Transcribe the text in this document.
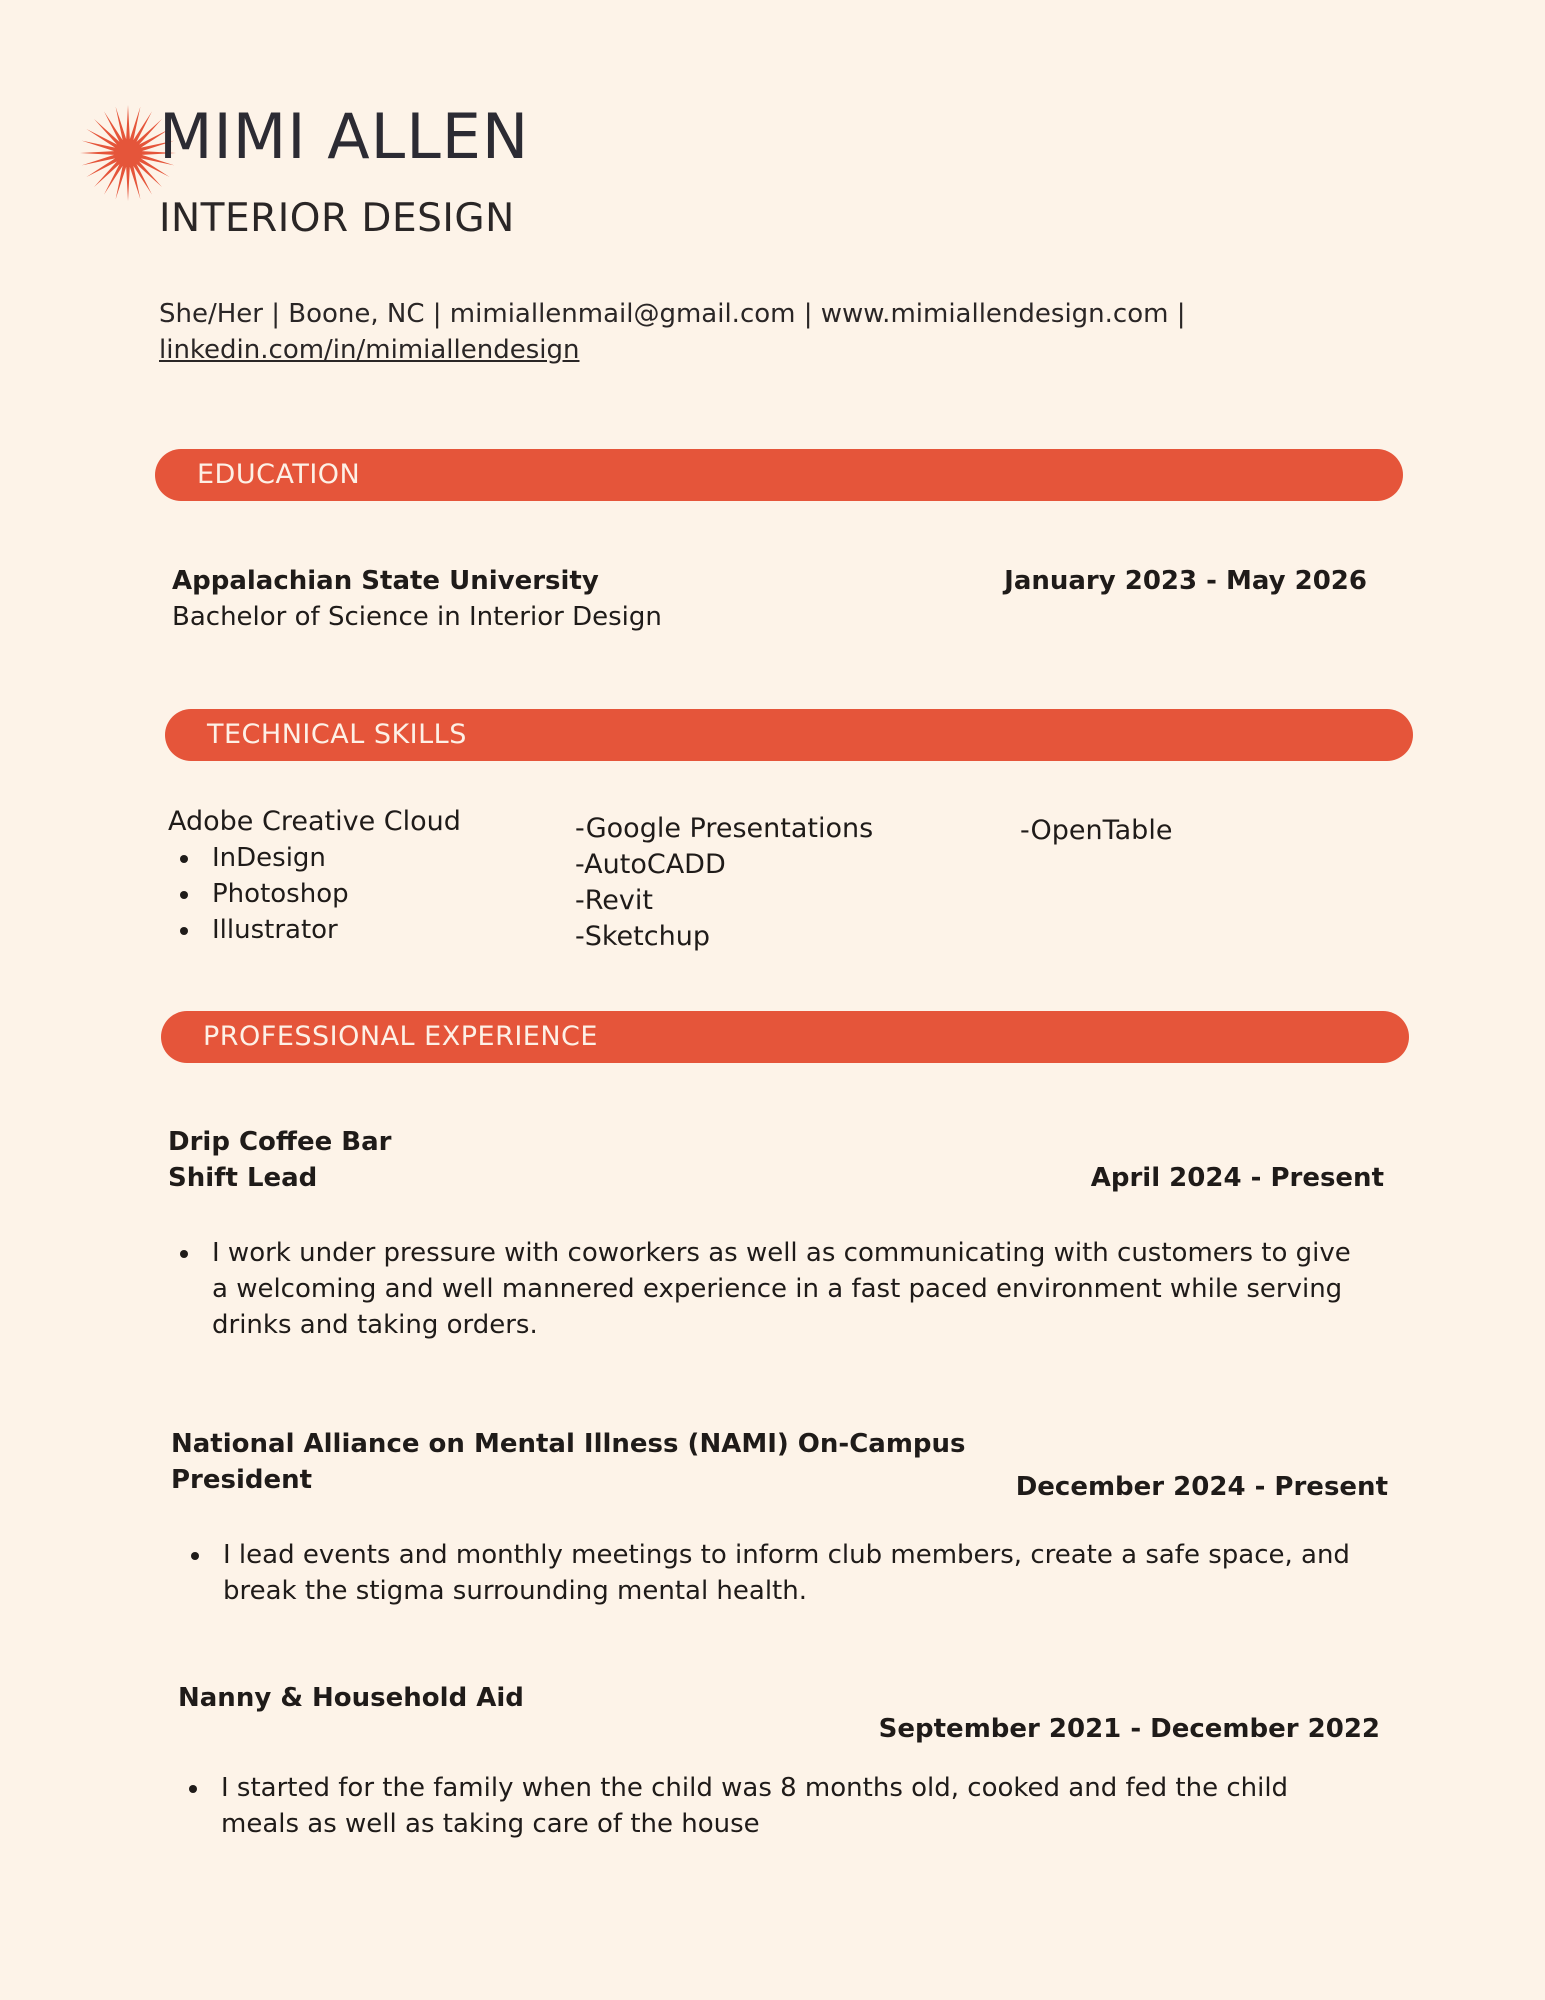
MIMI ALLEN
INTERIOR DESIGN
She/Her | Boone, NC | mimiallenmail@gmail.com | www.mimiallendesign.com |
linkedin.com/in/mimiallendesign
EDUCATION
Appalachian State University	January 2023 - May 2026
Bachelor of Science in Interior Design
TECHNICAL SKILLS
Adobe Creative Cloud
InDesign
Photoshop
Illustrator
-Google Presentations
-AutoCADD
-Revit
-Sketchup
-OpenTable
PROFESSIONAL EXPERIENCE
Drip Coffee Bar
Shift Lead	April 2024 - Present
I work under pressure with coworkers as well as communicating with customers to give
a welcoming and well mannered experience in a fast paced environment while serving
drinks and taking orders.
National Alliance on Mental Illness (NAMI) On-Campus
President	December 2024 - Present
I lead events and monthly meetings to inform club members, create a safe space, and
break the stigma surrounding mental health.
Nanny & Household Aid
September 2021 - December 2022
I started for the family when the child was 8 months old, cooked and fed the child
meals as well as taking care of the house
